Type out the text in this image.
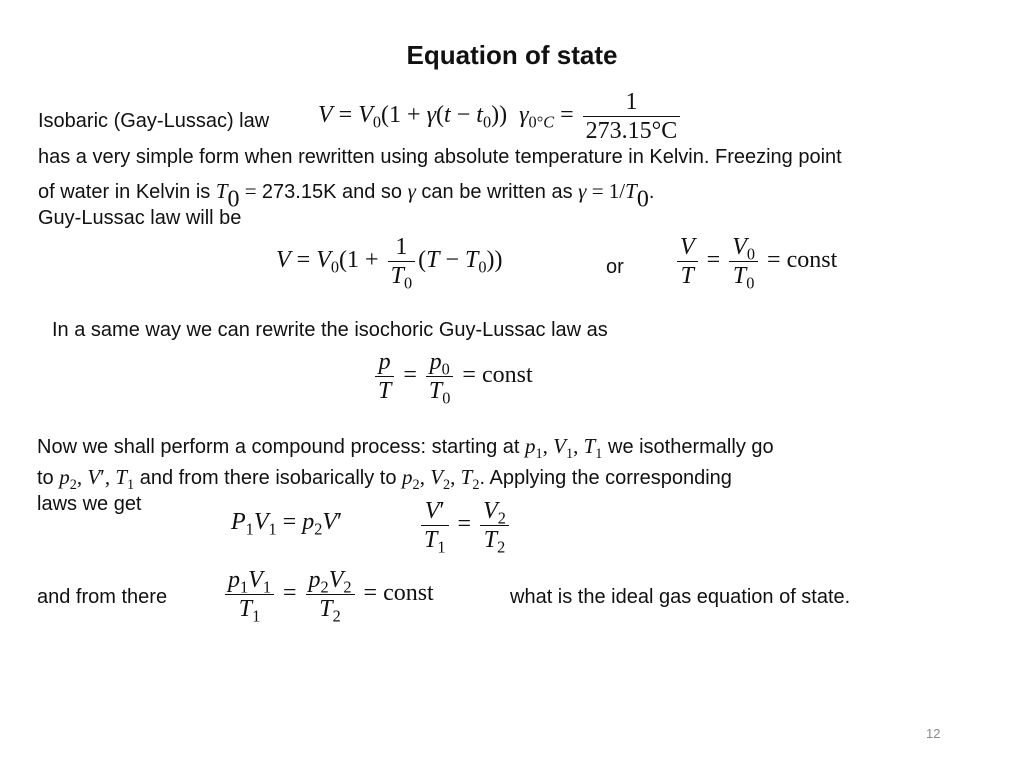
Equation of state
Isobaric (Gay-Lussac) law $V = V_0(1 + \gamma(t - t_0)) \gamma_{0^\circ C} = \frac{1}{273.15^\circ C}$
has a very simple form when rewritten using absolute temperature in Kelvin. Freezing point
of water in Kelvin is $T_0 = 273.15K$ and so γ can be written as $\gamma = 1/T_0$.
Guy-Lussac law will be
$V = V_0(1 + \frac{1}{T_0} (T - T_0))$	or $\frac{V}{T} = \frac{V_0}{T_0}$ = const
In a same way we can rewrite the isochoric Guy-Lussac law as
$\frac{p}{T} = \frac{p_0}{T_0}$ = const
Now we shall perform a compound process: starting at $p_1$, $V_1$, $T_1$ we isothermally go
to $p_2$, V′, $T_1$ and from there isobarically to $p_2$, $V_2$, $T_2$. Applying the corresponding
laws we get
$P_1V_1 = p_2V'$	$\frac{V'}{T_1} = \frac{V_2}{T_2}$
and from there $\frac{p_1V_1}{T_1} = \frac{p_2V_2}{T_2}$ = const	what is the ideal gas equation of state.
12
